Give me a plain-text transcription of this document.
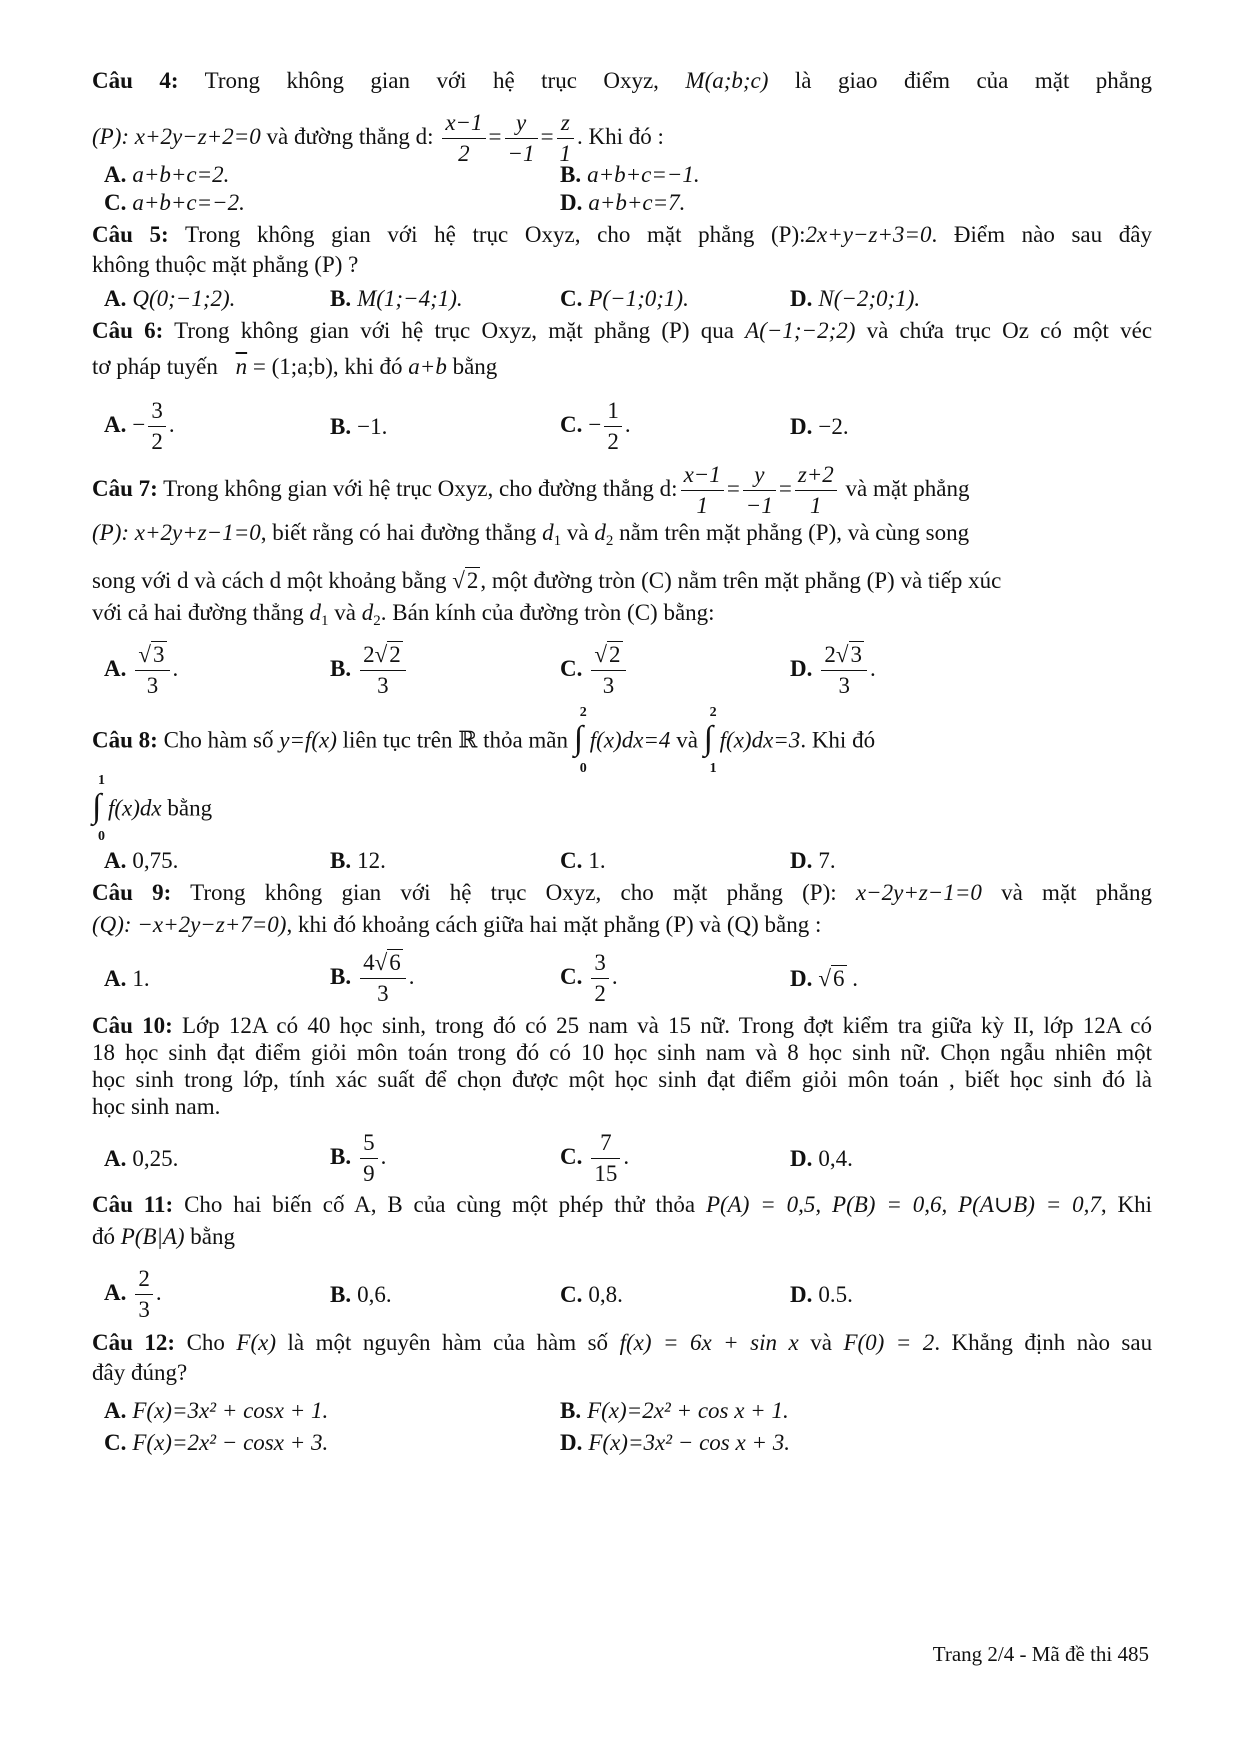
Câu 4: Trong không gian với hệ trục Oxyz, M(a;b;c) là giao điểm của mặt phẳng
(P): x+2y−z+2=0 và đường thẳng d: $\frac{x-1}{2} = \frac{y}{-1} = \frac{z}{1}$ . Khi đó :
A. a+b+c=2.	B. a+b+c=−1.
C. a+b+c=−2.	D. a+b+c=7.
Câu 5: Trong không gian với hệ trục Oxyz, cho mặt phẳng (P):2x+y−z+3=0. Điểm nào sau đây
không thuộc mặt phẳng (P) ?
A. Q(0;−1;2).	B. M(1;−4;1).	C. P(−1;0;1).	D. N(−2;0;1).
Câu 6: Trong không gian với hệ trục Oxyz, mặt phẳng (P) qua A(−1;−2;2) và chứa trục Oz có một véc
tơ pháp tuyến $\overline{n}$ = (1;a;b), khi đó a+b bằng
A. − $\frac{3}{2}$ .	B. −1.	C. − $\frac{1}{2}$ .	D. −2.
Câu 7: Trong không gian với hệ trục Oxyz, cho đường thẳng d: $\frac{x-1}{1} = \frac{y}{-1} = \frac{z+2}{1}$ và mặt phẳng
(P): x+2y+z−1=0, biết rằng có hai đường thẳng $d_1$ và $d_2$ nằm trên mặt phẳng (P), và cùng song
song với d và cách d một khoảng bằng √2, một đường tròn (C) nằm trên mặt phẳng (P) và tiếp xúc
với cả hai đường thẳng $d_1$ và $d_2$. Bán kính của đường tròn (C) bằng:
A. $\frac{√3}{3}$ .	B. $\frac{2√2}{3}$	C. $\frac{√2}{3}$	D. $\frac{2√3}{3}$ .
Câu 8: Cho hàm số y=f(x) liên tục trên ℝ thỏa mãn ∫
2
0
f(x)dx=4 và ∫
2
1
f(x)dx=3. Khi đó
∫
1
0
f(x)dx bằng
A. 0,75.	B. 12.	C. 1.	D. 7.
Câu 9: Trong không gian với hệ trục Oxyz, cho mặt phẳng (P): x−2y+z−1=0 và mặt phẳng
(Q): −x+2y−z+7=0), khi đó khoảng cách giữa hai mặt phẳng (P) và (Q) bằng :
A. 1.	B. $\frac{4√6}{3}$ .	C. $\frac{3}{2}$ .	D. √6 .
Câu 10: Lớp 12A có 40 học sinh, trong đó có 25 nam và 15 nữ. Trong đợt kiểm tra giữa kỳ II, lớp 12A có
18 học sinh đạt điểm giỏi môn toán trong đó có 10 học sinh nam và 8 học sinh nữ. Chọn ngẫu nhiên một
học sinh trong lớp, tính xác suất để chọn được một học sinh đạt điểm giỏi môn toán , biết học sinh đó là
học sinh nam.
A. 0,25.	B. $\frac{5}{9}$ .	C. $\frac{7}{15}$ .	D. 0,4.
Câu 11: Cho hai biến cố A, B của cùng một phép thử thỏa P(A) = 0,5, P(B) = 0,6, P(A∪B) = 0,7, Khi
đó P(B|A) bằng
A. $\frac{2}{3}$ .	B. 0,6.	C. 0,8.	D. 0.5.
Câu 12: Cho F(x) là một nguyên hàm của hàm số f(x) = 6x + sin x và F(0) = 2. Khẳng định nào sau
đây đúng?
A. F(x)=3x² + cosx + 1.	B. F(x)=2x² + cos x + 1.
C. F(x)=2x² − cosx + 3.	D. F(x)=3x² − cos x + 3.
Trang 2/4 - Mã đề thi 485
